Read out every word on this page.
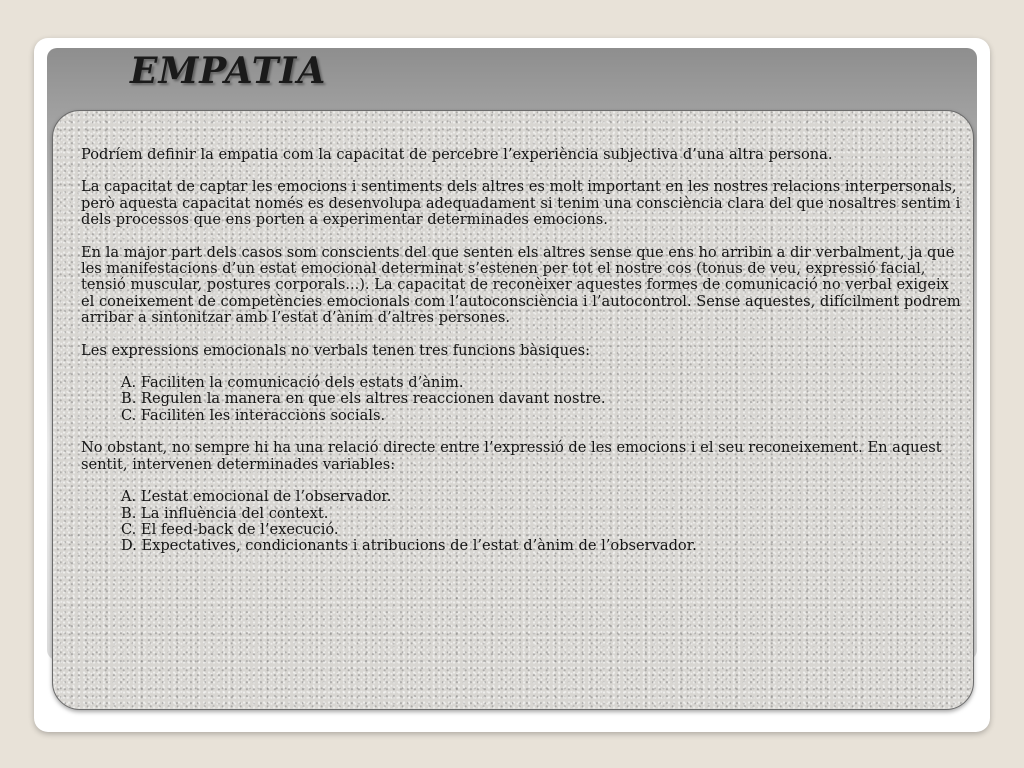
EMPATIA

Podríem definir la empatia com la capacitat de percebre l’experiència subjectiva d’una altra persona.

La capacitat de captar les emocions i sentiments dels altres es molt important en les nostres relacions interpersonals, però aquesta capacitat només es desenvolupa adequadament si tenim una consciència clara del que nosaltres sentim i dels processos que ens porten a experimentar determinades emocions.

En la major part dels casos som conscients del que senten els altres sense que ens ho arribin a dir verbalment, ja que les manifestacions d’un estat emocional determinat s’estenen per tot el nostre cos (tonus de veu, expressió facial, tensió muscular, postures corporals...). La capacitat de reconèixer aquestes formes de comunicació no verbal exigeix el coneixement de competències emocionals com l’autoconsciència i l’autocontrol. Sense aquestes, difícilment podrem arribar a sintonitzar amb l’estat d’ànim d’altres persones.

Les expressions emocionals no verbals tenen tres funcions bàsiques:

A. Faciliten la comunicació dels estats d’ànim.
B. Regulen la manera en que els altres reaccionen davant nostre.
C. Faciliten les interaccions socials.

No obstant, no sempre hi ha una relació directe entre l’expressió de les emocions i el seu reconeixement. En aquest sentit, intervenen determinades variables:

A. L’estat emocional de l’observador.
B. La influència del context.
C. El feed-back de l’execució.
D. Expectatives, condicionants i atribucions de l’estat d’ànim de l’observador.
